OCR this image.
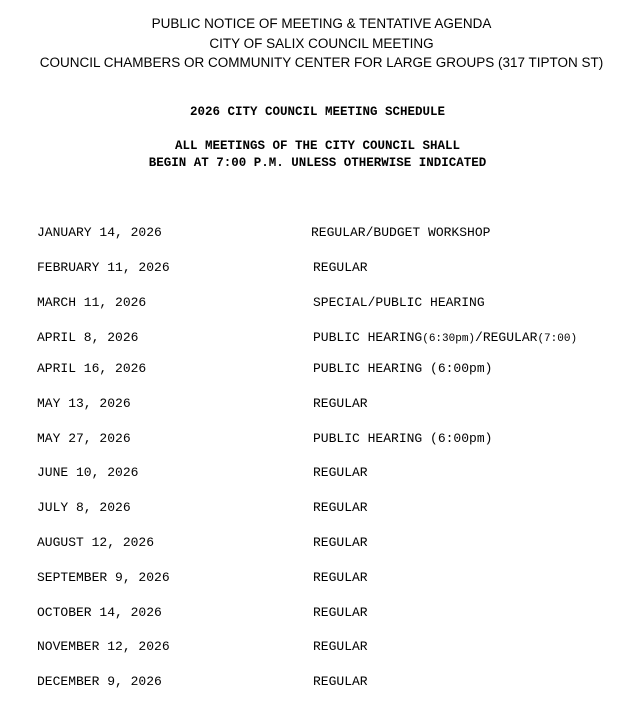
PUBLIC NOTICE OF MEETING & TENTATIVE AGENDA
CITY OF SALIX COUNCIL MEETING
COUNCIL CHAMBERS OR COMMUNITY CENTER FOR LARGE GROUPS (317 TIPTON ST)
2026 CITY COUNCIL MEETING SCHEDULE
ALL MEETINGS OF THE CITY COUNCIL SHALL
BEGIN AT 7:00 P.M. UNLESS OTHERWISE INDICATED
JANUARY 14, 2026	REGULAR/BUDGET WORKSHOP
FEBRUARY 11, 2026	REGULAR
MARCH 11, 2026	SPECIAL/PUBLIC HEARING
APRIL 8, 2026	PUBLIC HEARING(6:30pm)/REGULAR(7:00)
APRIL 16, 2026	PUBLIC HEARING (6:00pm)
MAY 13, 2026	REGULAR
MAY 27, 2026	PUBLIC HEARING (6:00pm)
JUNE 10, 2026	REGULAR
JULY 8, 2026	REGULAR
AUGUST 12, 2026	REGULAR
SEPTEMBER 9, 2026	REGULAR
OCTOBER 14, 2026	REGULAR
NOVEMBER 12, 2026	REGULAR
DECEMBER 9, 2026	REGULAR
